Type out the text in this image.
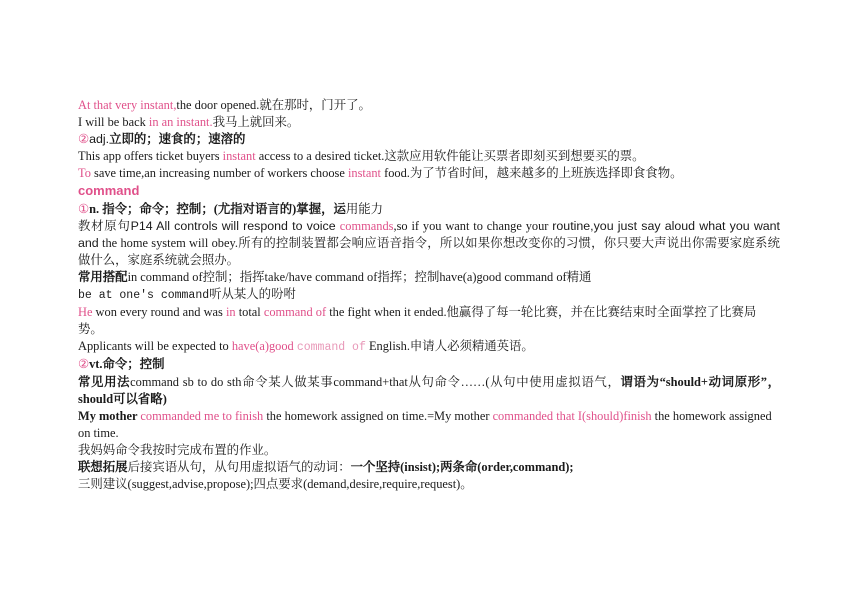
At that very instant,the door opened.就在那时，门开了。
I will be back in an instant.我马上就回来。
②adj.立即的；速食的；速溶的
This app offers ticket buyers instant access to a desired ticket.这款应用软件能让买票者即刻买到想要买的票。
To save time,an increasing number of workers choose instant food.为了节省时间，越来越多的上班族选择即食食物。
command
①n. 指令；命令；控制；(尤指对语言的)掌握，运用能力
教材原句P14 All controls will respond to voice commands,so if you want to change your routine,you just say aloud what you want and the home system will obey.所有的控制装置都会响应语音指令，所以如果你想改变你的习惯，你只要大声说出你需要家庭系统做什么，家庭系统就会照办。
常用搭配in command of控制；指挥take/have command of指挥；控制have(a)good command of精通
be at one's command听从某人的吩咐
He won every round and was in total command of the fight when it ended.他赢得了每一轮比赛，并在比赛结束时全面掌控了比赛局势。
Applicants will be expected to have(a)good command of English.申请人必须精通英语。
②vt.命令；控制
常见用法command sb to do sth命令某人做某事command+that从句命令……(从句中使用虚拟语气，谓语为“should+动词原形”，should可以省略)
My mother commanded me to finish the homework assigned on time.=My mother commanded that I(should)finish the homework assigned on time.
我妈妈命令我按时完成布置的作业。
联想拓展后接宾语从句，从句用虚拟语气的动词：一个坚持(insist);两条命(order,command);
三则建议(suggest,advise,propose);四点要求(demand,desire,require,request)。
